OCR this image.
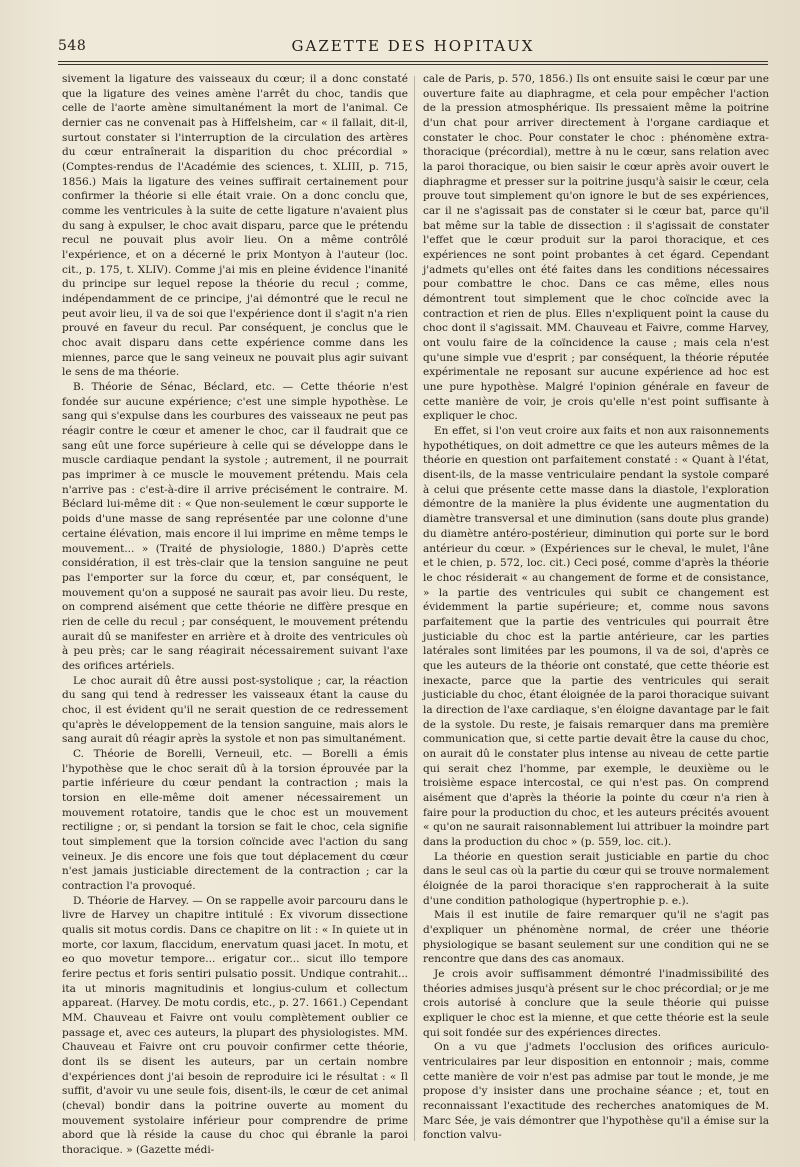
548	GAZETTE DES HOPITAUX

sivement la ligature des vaisseaux du cœur; il a donc constaté que la ligature des veines amène l'arrêt du choc, tandis que celle de l'aorte amène simultanément la mort de l'animal. Ce dernier cas ne convenait pas à Hiffelsheim, car « il fallait, dit-il, surtout constater si l'interruption de la circulation des artères du cœur entraînerait la disparition du choc précordial » (Comptes-rendus de l'Académie des sciences, t. XLIII, p. 715, 1856.) Mais la ligature des veines suffirait certainement pour confirmer la théorie si elle était vraie. On a donc conclu que, comme les ventricules à la suite de cette ligature n'avaient plus du sang à expulser, le choc avait disparu, parce que le prétendu recul ne pouvait plus avoir lieu. On a même contrôlé l'expérience, et on a décerné le prix Montyon à l'auteur (loc. cit., p. 175, t. XLIV). Comme j'ai mis en pleine évidence l'inanité du principe sur lequel repose la théorie du recul ; comme, indépendamment de ce principe, j'ai démontré que le recul ne peut avoir lieu, il va de soi que l'expérience dont il s'agit n'a rien prouvé en faveur du recul. Par conséquent, je conclus que le choc avait disparu dans cette expérience comme dans les miennes, parce que le sang veineux ne pouvait plus agir suivant le sens de ma théorie.

B. Théorie de Sénac, Béclard, etc. — Cette théorie n'est fondée sur aucune expérience; c'est une simple hypothèse. Le sang qui s'expulse dans les courbures des vaisseaux ne peut pas réagir contre le cœur et amener le choc, car il faudrait que ce sang eût une force supérieure à celle qui se développe dans le muscle cardiaque pendant la systole ; autrement, il ne pourrait pas imprimer à ce muscle le mouvement prétendu. Mais cela n'arrive pas : c'est-à-dire il arrive précisément le contraire. M. Béclard lui-même dit : « Que non-seulement le cœur supporte le poids d'une masse de sang représentée par une colonne d'une certaine élévation, mais encore il lui imprime en même temps le mouvement... » (Traité de physiologie, 1880.) D'après cette considération, il est très-clair que la tension sanguine ne peut pas l'emporter sur la force du cœur, et, par conséquent, le mouvement qu'on a supposé ne saurait pas avoir lieu. Du reste, on comprend aisément que cette théorie ne diffère presque en rien de celle du recul ; par conséquent, le mouvement prétendu aurait dû se manifester en arrière et à droite des ventricules où à peu près; car le sang réagirait nécessairement suivant l'axe des orifices artériels.

Le choc aurait dû être aussi post-systolique ; car, la réaction du sang qui tend à redresser les vaisseaux étant la cause du choc, il est évident qu'il ne serait question de ce redressement qu'après le développement de la tension sanguine, mais alors le sang aurait dû réagir après la systole et non pas simultanément.

C. Théorie de Borelli, Verneuil, etc. — Borelli a émis l'hypothèse que le choc serait dû à la torsion éprouvée par la partie inférieure du cœur pendant la contraction ; mais la torsion en elle-même doit amener nécessairement un mouvement rotatoire, tandis que le choc est un mouvement rectiligne ; or, si pendant la torsion se fait le choc, cela signifie tout simplement que la torsion coïncide avec l'action du sang veineux. Je dis encore une fois que tout déplacement du cœur n'est jamais justiciable directement de la contraction ; car la contraction l'a provoqué.

D. Théorie de Harvey. — On se rappelle avoir parcouru dans le livre de Harvey un chapitre intitulé : Ex vivorum dissectione qualis sit motus cordis. Dans ce chapitre on lit : « In quiete ut in morte, cor laxum, flaccidum, enervatum quasi jacet. In motu, et eo quo movetur tempore... erigatur cor... sicut illo tempore ferire pectus et foris sentiri pulsatio possit. Undique contrahit... ita ut minoris magnitudinis et longius-culum et collectum appareat. (Harvey. De motu cordis, etc., p. 27. 1661.) Cependant MM. Chauveau et Faivre ont voulu complètement oublier ce passage et, avec ces auteurs, la plupart des physiologistes. MM. Chauveau et Faivre ont cru pouvoir confirmer cette théorie, dont ils se disent les auteurs, par un certain nombre d'expériences dont j'ai besoin de reproduire ici le résultat : « Il suffit, d'avoir vu une seule fois, disent-ils, le cœur de cet animal (cheval) bondir dans la poitrine ouverte au moment du mouvement systolaire inférieur pour comprendre de prime abord que là réside la cause du choc qui ébranle la paroi thoracique. » (Gazette médi-

cale de Paris, p. 570, 1856.) Ils ont ensuite saisi le cœur par une ouverture faite au diaphragme, et cela pour empêcher l'action de la pression atmosphérique. Ils pressaient même la poitrine d'un chat pour arriver directement à l'organe cardiaque et constater le choc. Pour constater le choc : phénomène extra-thoracique (précordial), mettre à nu le cœur, sans relation avec la paroi thoracique, ou bien saisir le cœur après avoir ouvert le diaphragme et presser sur la poitrine jusqu'à saisir le cœur, cela prouve tout simplement qu'on ignore le but de ses expériences, car il ne s'agissait pas de constater si le cœur bat, parce qu'il bat même sur la table de dissection : il s'agissait de constater l'effet que le cœur produit sur la paroi thoracique, et ces expériences ne sont point probantes à cet égard. Cependant j'admets qu'elles ont été faites dans les conditions nécessaires pour combattre le choc. Dans ce cas même, elles nous démontrent tout simplement que le choc coïncide avec la contraction et rien de plus. Elles n'expliquent point la cause du choc dont il s'agissait. MM. Chauveau et Faivre, comme Harvey, ont voulu faire de la coïncidence la cause ; mais cela n'est qu'une simple vue d'esprit ; par conséquent, la théorie réputée expérimentale ne reposant sur aucune expérience ad hoc est une pure hypothèse. Malgré l'opinion générale en faveur de cette manière de voir, je crois qu'elle n'est point suffisante à expliquer le choc.

En effet, si l'on veut croire aux faits et non aux raisonnements hypothétiques, on doit admettre ce que les auteurs mêmes de la théorie en question ont parfaitement constaté : « Quant à l'état, disent-ils, de la masse ventriculaire pendant la systole comparé à celui que présente cette masse dans la diastole, l'exploration démontre de la manière la plus évidente une augmentation du diamètre transversal et une diminution (sans doute plus grande) du diamètre antéro-postérieur, diminution qui porte sur le bord antérieur du cœur. » (Expériences sur le cheval, le mulet, l'âne et le chien, p. 572, loc. cit.) Ceci posé, comme d'après la théorie le choc résiderait « au changement de forme et de consistance, » la partie des ventricules qui subit ce changement est évidemment la partie supérieure; et, comme nous savons parfaitement que la partie des ventricules qui pourrait être justiciable du choc est la partie antérieure, car les parties latérales sont limitées par les poumons, il va de soi, d'après ce que les auteurs de la théorie ont constaté, que cette théorie est inexacte, parce que la partie des ventricules qui serait justiciable du choc, étant éloignée de la paroi thoracique suivant la direction de l'axe cardiaque, s'en éloigne davantage par le fait de la systole. Du reste, je faisais remarquer dans ma première communication que, si cette partie devait être la cause du choc, on aurait dû le constater plus intense au niveau de cette partie qui serait chez l'homme, par exemple, le deuxième ou le troisième espace intercostal, ce qui n'est pas. On comprend aisément que d'après la théorie la pointe du cœur n'a rien à faire pour la production du choc, et les auteurs précités avouent « qu'on ne saurait raisonnablement lui attribuer la moindre part dans la production du choc » (p. 559, loc. cit.).

La théorie en question serait justiciable en partie du choc dans le seul cas où la partie du cœur qui se trouve normalement éloignée de la paroi thoracique s'en rapprocherait à la suite d'une condition pathologique (hypertrophie p. e.).

Mais il est inutile de faire remarquer qu'il ne s'agit pas d'expliquer un phénomène normal, de créer une théorie physiologique se basant seulement sur une condition qui ne se rencontre que dans des cas anomaux.

Je crois avoir suffisamment démontré l'inadmissibilité des théories admises jusqu'à présent sur le choc précordial; or je me crois autorisé à conclure que la seule théorie qui puisse expliquer le choc est la mienne, et que cette théorie est la seule qui soit fondée sur des expériences directes.

On a vu que j'admets l'occlusion des orifices auriculo-ventriculaires par leur disposition en entonnoir ; mais, comme cette manière de voir n'est pas admise par tout le monde, je me propose d'y insister dans une prochaine séance ; et, tout en reconnaissant l'exactitude des recherches anatomiques de M. Marc Sée, je vais démontrer que l'hypothèse qu'il a émise sur la fonction valvu-
